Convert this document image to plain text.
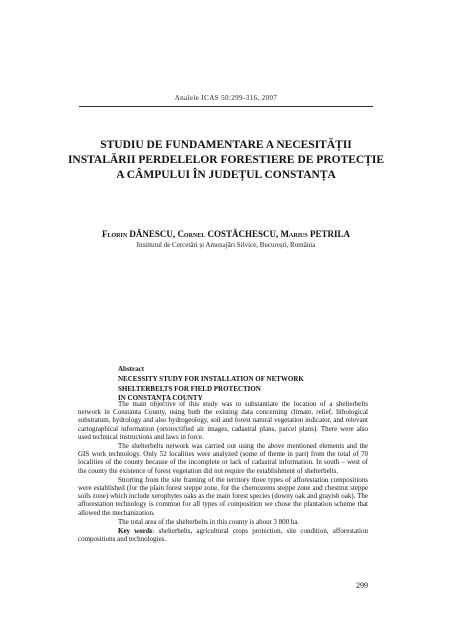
Analele ICAS 50:299-316, 2007
STUDIU DE FUNDAMENTARE A NECESITĂȚII
INSTALĂRII PERDELELOR FORESTIERE DE PROTECȚIE
A CÂMPULUI ÎN JUDEȚUL CONSTANȚA
Florin DĂNESCU, Cornel COSTĂCHESCU, Marius PETRILA
Institutul de Cercetări și Amenajări Silvice, București, România
Abstract
NECESSITY STUDY FOR INSTALLATION OF NETWORK
SHELTERBELTS FOR FIELD PROTECTION
IN CONSTANȚA COUNTY

The main objective of this study was to substantiate the location of a shelterbelts network in Constanta County, using both the existing data concerning climate, relief, lithological substratum, hydrology and also hydrogeology, soil and forest natural vegetation indicator, and relevant cartographical information (ortorectified air images, cadastral plans, parcel plans). There were also used technical instructions and laws in force.

The shelterbelts network was carried out using the above mentioned elements and the GIS work technology. Only 52 localities were analyzed (some of theme in part) from the total of 70 localities of the county because of the incomplete or lack of cadastral information. In south – west of the county the existence of forest vegetation did not require the establishment of shelterbelts.

Strorting from the site framing of the territory three types of afforestation compositions were established (for the plain forest steppe zone, for the chernozems steppe zone and chestnut steppe soils zone) which include xerophytes oaks as the main forest species (downy oak and grayish oak). The afforestation technology is common for all types of composition we chose the plantation scheme that allowed the mechanization.

The total area of the shelterbelts in this county is about 3 800 ha.

Key words: shelterbelts, agricultural crops protection, site condition, afforestation compositions and technologies.

299
